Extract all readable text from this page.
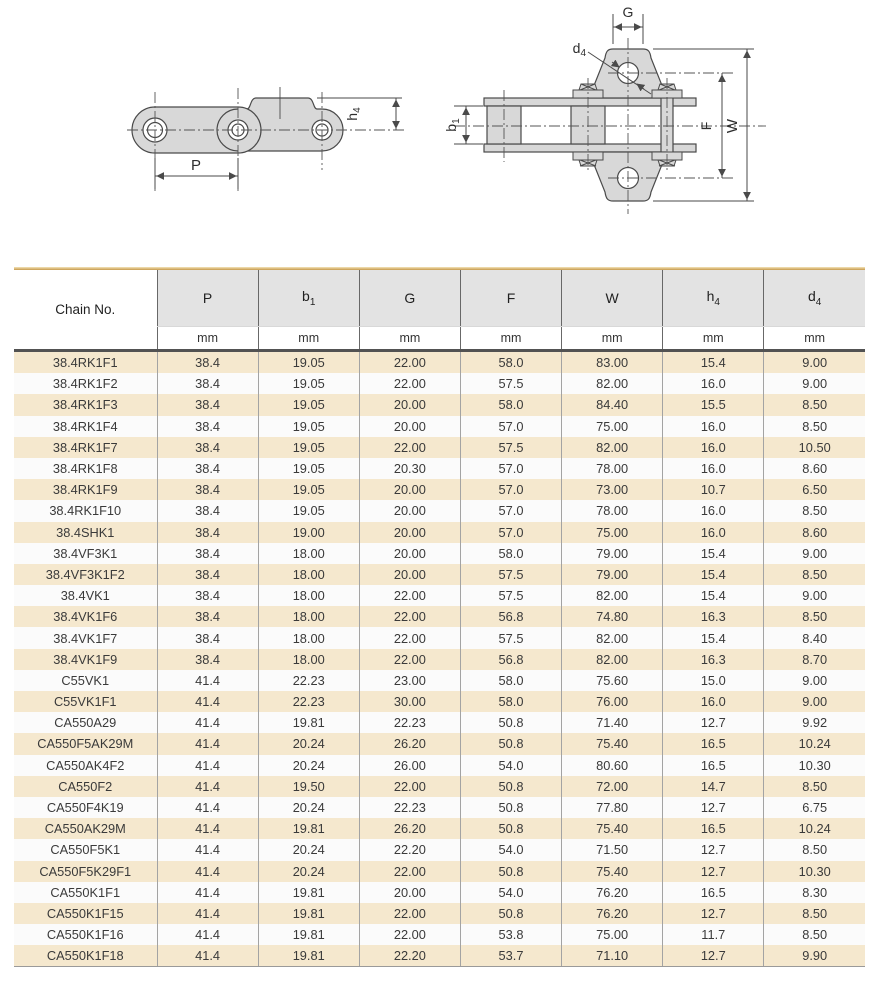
$h_4$
P
G
$d_4$
$b_1$
F W
Chain No.	P	$b_1$	G	F	W	$h_4$	$d_4$
	mm	mm	mm	mm	mm	mm	mm
38.4RK1F1	38.4	19.05	22.00	58.0	83.00	15.4	9.00
38.4RK1F2	38.4	19.05	22.00	57.5	82.00	16.0	9.00
38.4RK1F3	38.4	19.05	20.00	58.0	84.40	15.5	8.50
38.4RK1F4	38.4	19.05	20.00	57.0	75.00	16.0	8.50
38.4RK1F7	38.4	19.05	22.00	57.5	82.00	16.0	10.50
38.4RK1F8	38.4	19.05	20.30	57.0	78.00	16.0	8.60
38.4RK1F9	38.4	19.05	20.00	57.0	73.00	10.7	6.50
38.4RK1F10	38.4	19.05	20.00	57.0	78.00	16.0	8.50
38.4SHK1	38.4	19.00	20.00	57.0	75.00	16.0	8.60
38.4VF3K1	38.4	18.00	20.00	58.0	79.00	15.4	9.00
38.4VF3K1F2	38.4	18.00	20.00	57.5	79.00	15.4	8.50
38.4VK1	38.4	18.00	22.00	57.5	82.00	15.4	9.00
38.4VK1F6	38.4	18.00	22.00	56.8	74.80	16.3	8.50
38.4VK1F7	38.4	18.00	22.00	57.5	82.00	15.4	8.40
38.4VK1F9	38.4	18.00	22.00	56.8	82.00	16.3	8.70
C55VK1	41.4	22.23	23.00	58.0	75.60	15.0	9.00
C55VK1F1	41.4	22.23	30.00	58.0	76.00	16.0	9.00
CA550A29	41.4	19.81	22.23	50.8	71.40	12.7	9.92
CA550F5AK29M	41.4	20.24	26.20	50.8	75.40	16.5	10.24
CA550AK4F2	41.4	20.24	26.00	54.0	80.60	16.5	10.30
CA550F2	41.4	19.50	22.00	50.8	72.00	14.7	8.50
CA550F4K19	41.4	20.24	22.23	50.8	77.80	12.7	6.75
CA550AK29M	41.4	19.81	26.20	50.8	75.40	16.5	10.24
CA550F5K1	41.4	20.24	22.20	54.0	71.50	12.7	8.50
CA550F5K29F1	41.4	20.24	22.00	50.8	75.40	12.7	10.30
CA550K1F1	41.4	19.81	20.00	54.0	76.20	16.5	8.30
CA550K1F15	41.4	19.81	22.00	50.8	76.20	12.7	8.50
CA550K1F16	41.4	19.81	22.00	53.8	75.00	11.7	8.50
CA550K1F18	41.4	19.81	22.20	53.7	71.10	12.7	9.90
